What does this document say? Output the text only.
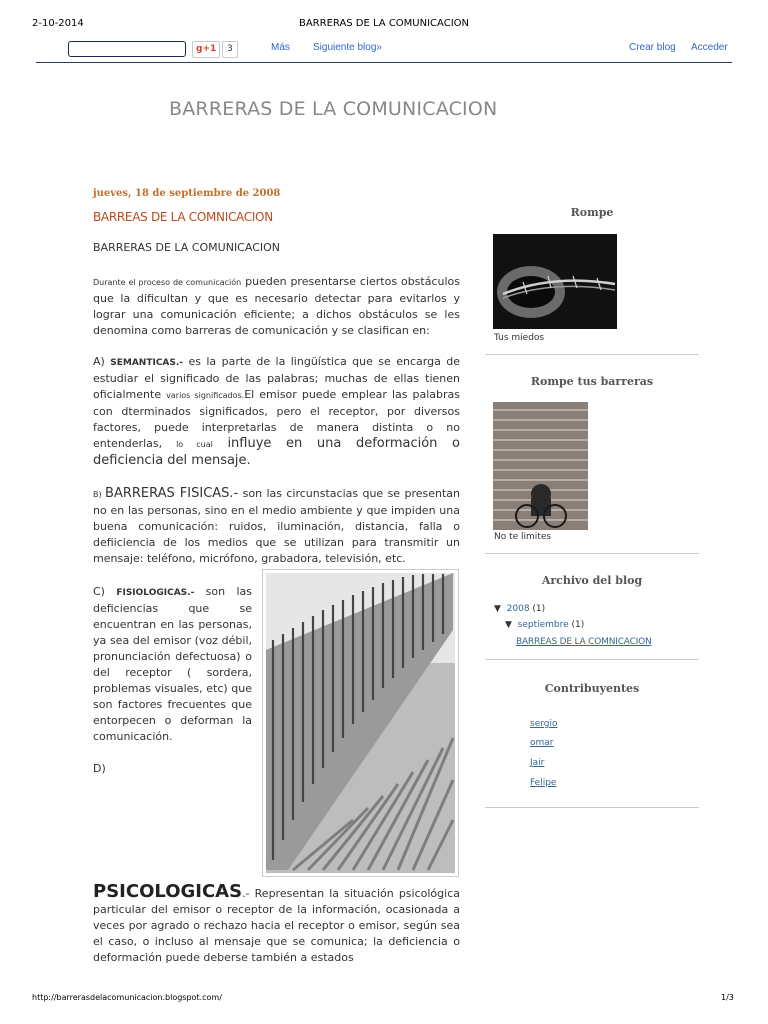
2-10-2014	BARRERAS DE LA COMUNICACION
g+1	3	Más Siguiente blog»	Crear blog Acceder
BARRERAS DE LA COMUNICACION
jueves, 18 de septiembre de 2008
BARREAS DE LA COMNICACION
BARRERAS DE LA COMUNICACION

Durante el proceso de comunicación pueden presentarse ciertos obstáculos que la dificultan y que es necesario detectar para evitarlos y lograr una comunicación eficiente; a dichos obstáculos se les denomina como barreras de comunicación y se clasifican en:

A) SEMANTICAS.- es la parte de la lingüística que se encarga de estudiar el significado de las palabras; muchas de ellas tienen oficialmente varios significados.El emisor puede emplear las palabras con dterminados significados, pero el receptor, por diversos factores, puede interpretarlas de manera distinta o no entenderlas, lo cual influye en una deformación o deficiencia del mensaje.

B) BARRERAS FISICAS.- son las circunstacias que se presentan no en las personas, sino en el medio ambiente y que impiden una buena comunicación: ruidos, iluminación, distancia, falla o defiiciencia de los medios que se utilizan para transmitir un mensaje: teléfono, micrófono, grabadora, televisión, etc.

C) FISIOLOGICAS.- son las deficiencias que se encuentran en las personas, ya sea del emisor (voz débil, pronunciación defectuosa) o del receptor ( sordera, problemas visuales, etc) que son factores frecuentes que entorpecen o deforman la comunicación.

D)

PSICOLOGICAS.- Representan la situación psicológica particular del emisor o receptor de la información, ocasionada a veces por agrado o rechazo hacia el receptor o emisor, según sea el caso, o incluso al mensaje que se comunica; la deficiencia o deformación puede deberse también a estados

Rompe
Tus miedos
Rompe tus barreras
No te limites
Archivo del blog
▼ 2008 (1)
▼ septiembre (1)
BARREAS DE LA COMNICACION
Contribuyentes
sergio
omar
Jair
Felipe
http://barrerasdelacomunicacion.blogspot.com/	1/3
